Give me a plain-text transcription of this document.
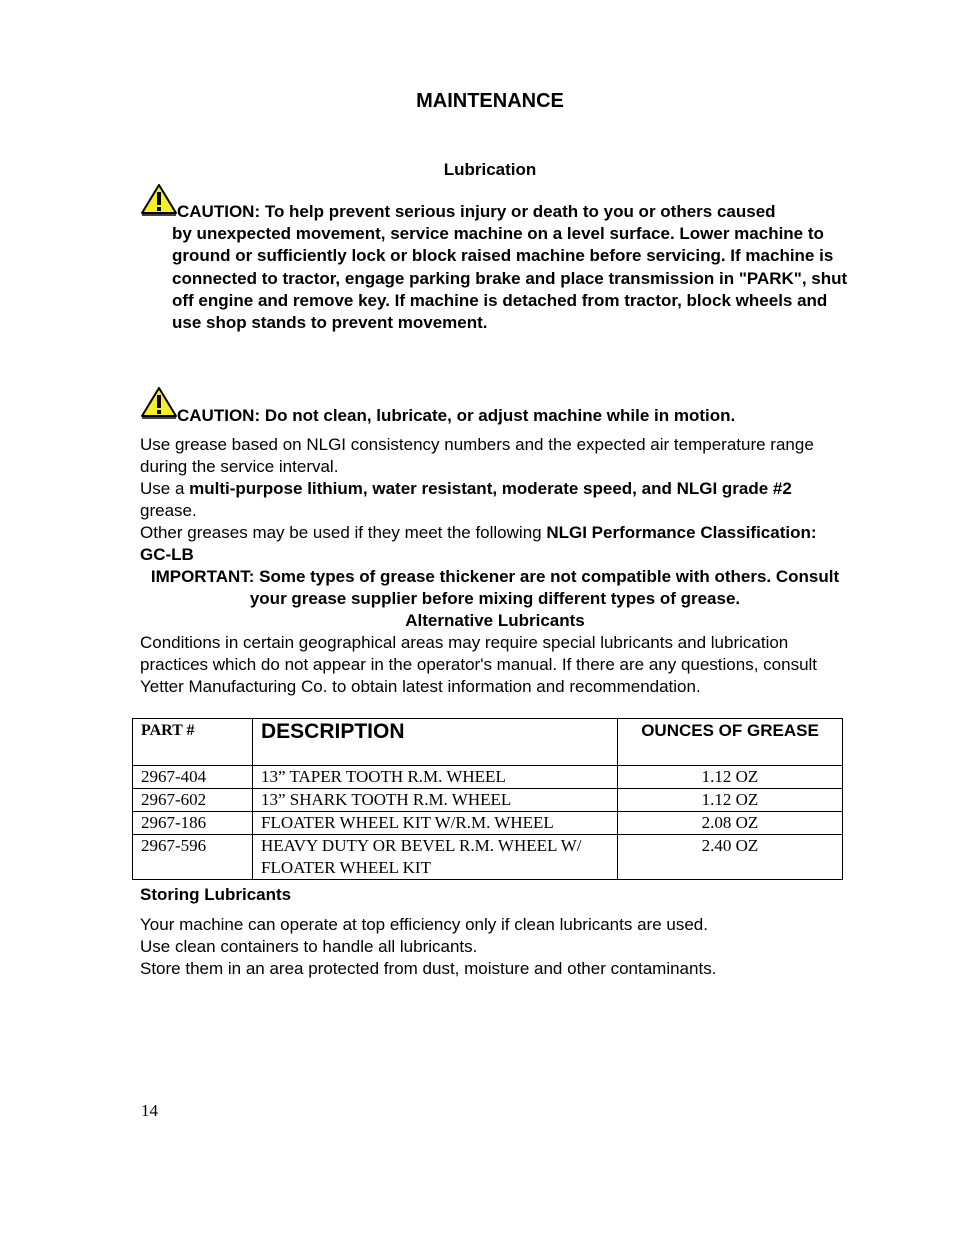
MAINTENANCE
Lubrication
CAUTION: To help prevent serious injury or death to you or others caused
by unexpected movement, service machine on a level surface. Lower machine to ground or sufficiently lock or block raised machine before servicing. If machine is connected to tractor, engage parking brake and place transmission in "PARK", shut off engine and remove key. If machine is detached from tractor, block wheels and use shop stands to prevent movement.
CAUTION: Do not clean, lubricate, or adjust machine while in motion.

Use grease based on NLGI consistency numbers and the expected air temperature range during the service interval.

Use a multi-purpose lithium, water resistant, moderate speed, and NLGI grade #2 grease.

Other greases may be used if they meet the following NLGI Performance Classification: GC-LB

IMPORTANT: Some types of grease thickener are not compatible with others. Consult your grease supplier before mixing different types of grease.

Alternative Lubricants

Conditions in certain geographical areas may require special lubricants and lubrication practices which do not appear in the operator's manual. If there are any questions, consult Yetter Manufacturing Co. to obtain latest information and recommendation.

PART #	DESCRIPTION	OUNCES OF GREASE
2967-404	13” TAPER TOOTH R.M. WHEEL	1.12 OZ
2967-602	13” SHARK TOOTH R.M. WHEEL	1.12 OZ
2967-186	FLOATER WHEEL KIT W/R.M. WHEEL	2.08 OZ
2967-596	HEAVY DUTY OR BEVEL R.M. WHEEL W/ FLOATER WHEEL KIT	2.40 OZ
Storing Lubricants

Your machine can operate at top efficiency only if clean lubricants are used.

Use clean containers to handle all lubricants.

Store them in an area protected from dust, moisture and other contaminants.

14
